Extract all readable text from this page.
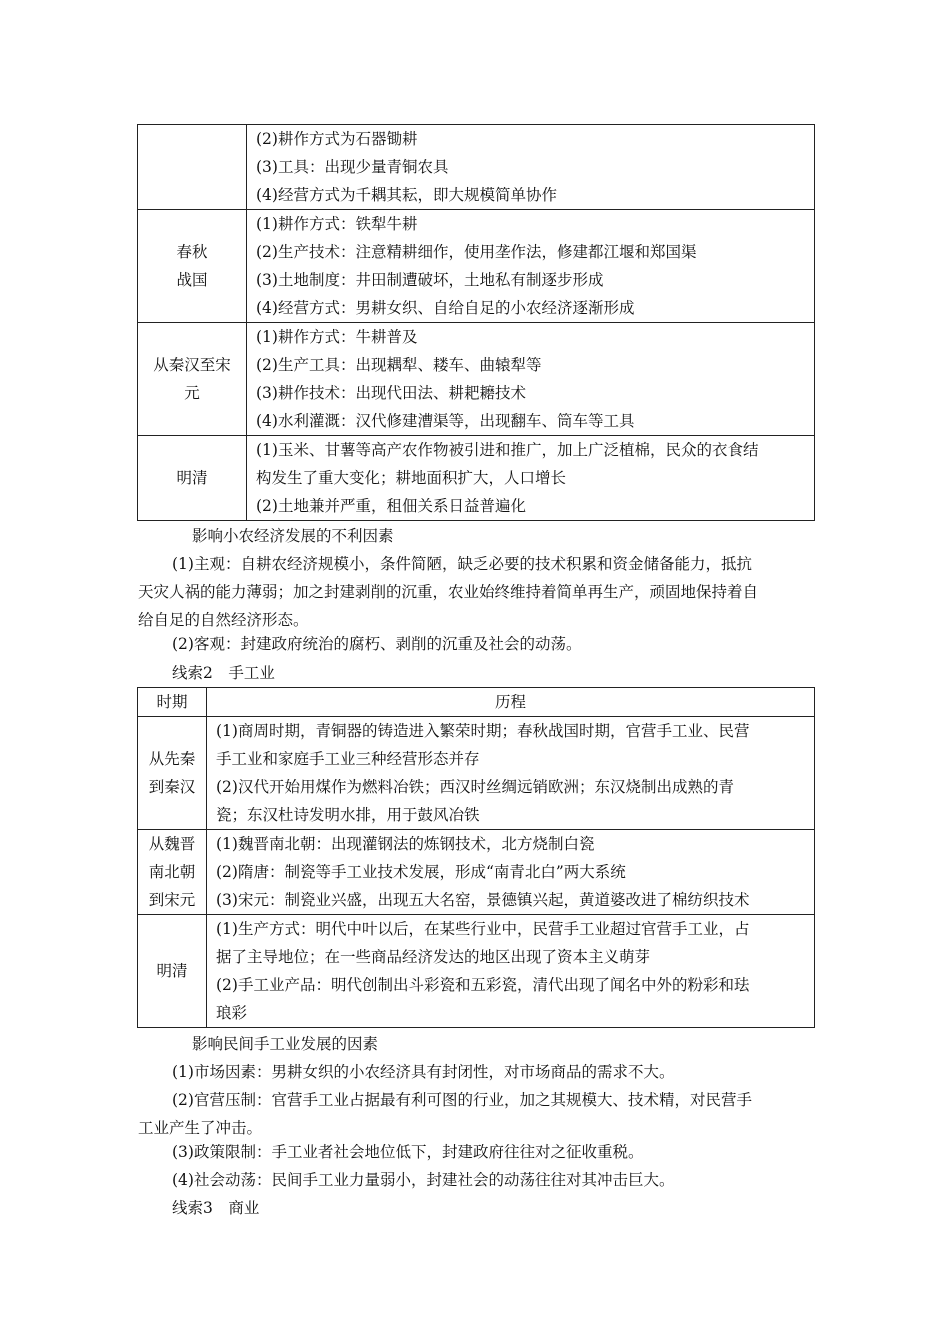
	(2)耕作方式为石器锄耕
(3)工具：出现少量青铜农具
(4)经营方式为千耦其耘，即大规模简单协作

春秋
战国	(1)耕作方式：铁犁牛耕
(2)生产技术：注意精耕细作，使用垄作法，修建都江堰和郑国渠
(3)土地制度：井田制遭破坏，土地私有制逐步形成
(4)经营方式：男耕女织、自给自足的小农经济逐渐形成

从秦汉至宋
元	(1)耕作方式：牛耕普及
(2)生产工具：出现耦犁、耧车、曲辕犁等
(3)耕作技术：出现代田法、耕耙耱技术
(4)水利灌溉：汉代修建漕渠等，出现翻车、筒车等工具

明清	(1)玉米、甘薯等高产农作物被引进和推广，加上广泛植棉，民众的衣食结
构发生了重大变化；耕地面积扩大，人口增长
(2)土地兼并严重，租佃关系日益普遍化
影响小农经济发展的不利因素
(1)主观：自耕农经济规模小，条件简陋，缺乏必要的技术积累和资金储备能力，抵抗
天灾人祸的能力薄弱；加之封建剥削的沉重，农业始终维持着简单再生产，顽固地保持着自
给自足的自然经济形态。
(2)客观：封建政府统治的腐朽、剥削的沉重及社会的动荡。
线索2　手工业
时期	历程

从先秦
到秦汉	(1)商周时期，青铜器的铸造进入繁荣时期；春秋战国时期，官营手工业、民营
手工业和家庭手工业三种经营形态并存
(2)汉代开始用煤作为燃料冶铁；西汉时丝绸远销欧洲；东汉烧制出成熟的青
瓷；东汉杜诗发明水排，用于鼓风冶铁

从魏晋
南北朝
到宋元	(1)魏晋南北朝：出现灌钢法的炼钢技术，北方烧制白瓷
(2)隋唐：制瓷等手工业技术发展，形成“南青北白”两大系统
(3)宋元：制瓷业兴盛，出现五大名窑，景德镇兴起，黄道婆改进了棉纺织技术

明清	(1)生产方式：明代中叶以后，在某些行业中，民营手工业超过官营手工业，占
据了主导地位；在一些商品经济发达的地区出现了资本主义萌芽
(2)手工业产品：明代创制出斗彩瓷和五彩瓷，清代出现了闻名中外的粉彩和珐
琅彩
影响民间手工业发展的因素
(1)市场因素：男耕女织的小农经济具有封闭性，对市场商品的需求不大。
(2)官营压制：官营手工业占据最有利可图的行业，加之其规模大、技术精，对民营手
工业产生了冲击。
(3)政策限制：手工业者社会地位低下，封建政府往往对之征收重税。
(4)社会动荡：民间手工业力量弱小，封建社会的动荡往往对其冲击巨大。
线索3　商业
